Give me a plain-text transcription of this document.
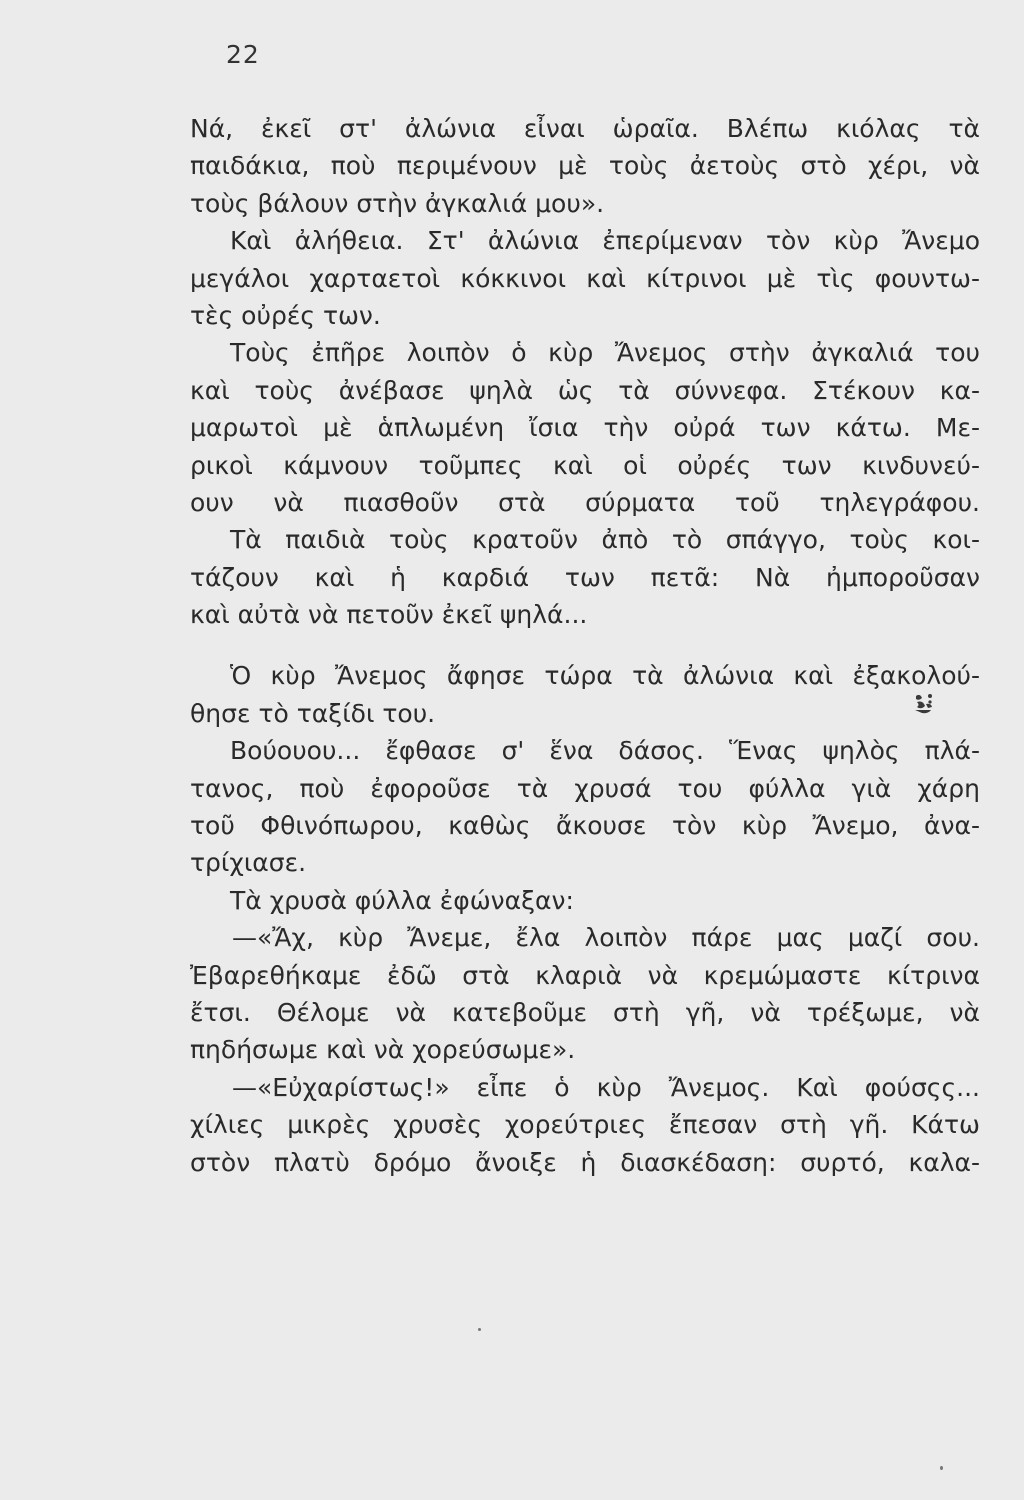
22
Νά, ἐκεῖ στ' ἀλώνια εἶναι ὡραῖα. Βλέπω κιόλας τὰ
παιδάκια, ποὺ περιμένουν μὲ τοὺς ἀετοὺς στὸ χέρι, νὰ
τοὺς βάλουν στὴν ἀγκαλιά μου».
Καὶ ἀλήθεια. Στ' ἀλώνια ἐπερίμεναν τὸν κὺρ Ἄνεμο
μεγάλοι χαρταετοὶ κόκκινοι καὶ κίτρινοι μὲ τὶς φουντω-
τὲς οὐρές των.
Τοὺς ἐπῆρε λοιπὸν ὁ κὺρ Ἄνεμος στὴν ἀγκαλιά του
καὶ τοὺς ἀνέβασε ψηλὰ ὡς τὰ σύννεφα. Στέκουν κα-
μαρωτοὶ μὲ ἁπλωμένη ἴσια τὴν οὐρά των κάτω. Με-
ρικοὶ κάμνουν τοῦμπες καὶ οἱ οὐρές των κινδυνεύ-
ουν νὰ πιασθοῦν στὰ σύρματα τοῦ τηλεγράφου.
Τὰ παιδιὰ τοὺς κρατοῦν ἀπὸ τὸ σπάγγο, τοὺς κοι-
τάζουν καὶ ἡ καρδιά των πετᾶ: Νὰ ἠμποροῦσαν
καὶ αὐτὰ νὰ πετοῦν ἐκεῖ ψηλά...
Ὁ κὺρ Ἄνεμος ἄφησε τώρα τὰ ἀλώνια καὶ ἐξακολού-
θησε τὸ ταξίδι του.
Βούουου... ἔφθασε σ' ἕνα δάσος. Ἕνας ψηλὸς πλά-
τανος, ποὺ ἐφοροῦσε τὰ χρυσά του φύλλα γιὰ χάρη
τοῦ Φθινόπωρου, καθὼς ἄκουσε τὸν κὺρ Ἄνεμο, ἀνα-
τρίχιασε.
Τὰ χρυσὰ φύλλα ἐφώναξαν:
—«Ἄχ, κὺρ Ἄνεμε, ἔλα λοιπὸν πάρε μας μαζί σου.
Ἐβαρεθήκαμε ἐδῶ στὰ κλαριὰ νὰ κρεμώμαστε κίτρινα
ἔτσι. Θέλομε νὰ κατεβοῦμε στὴ γῆ, νὰ τρέξωμε, νὰ
πηδήσωμε καὶ νὰ χορεύσωμε».
—«Εὐχαρίστως!» εἶπε ὁ κὺρ Ἄνεμος. Καὶ φούσςς...
χίλιες μικρὲς χρυσὲς χορεύτριες ἔπεσαν στὴ γῆ. Κάτω
στὸν πλατὺ δρόμο ἄνοιξε ἡ διασκέδαση: συρτό, καλα-
